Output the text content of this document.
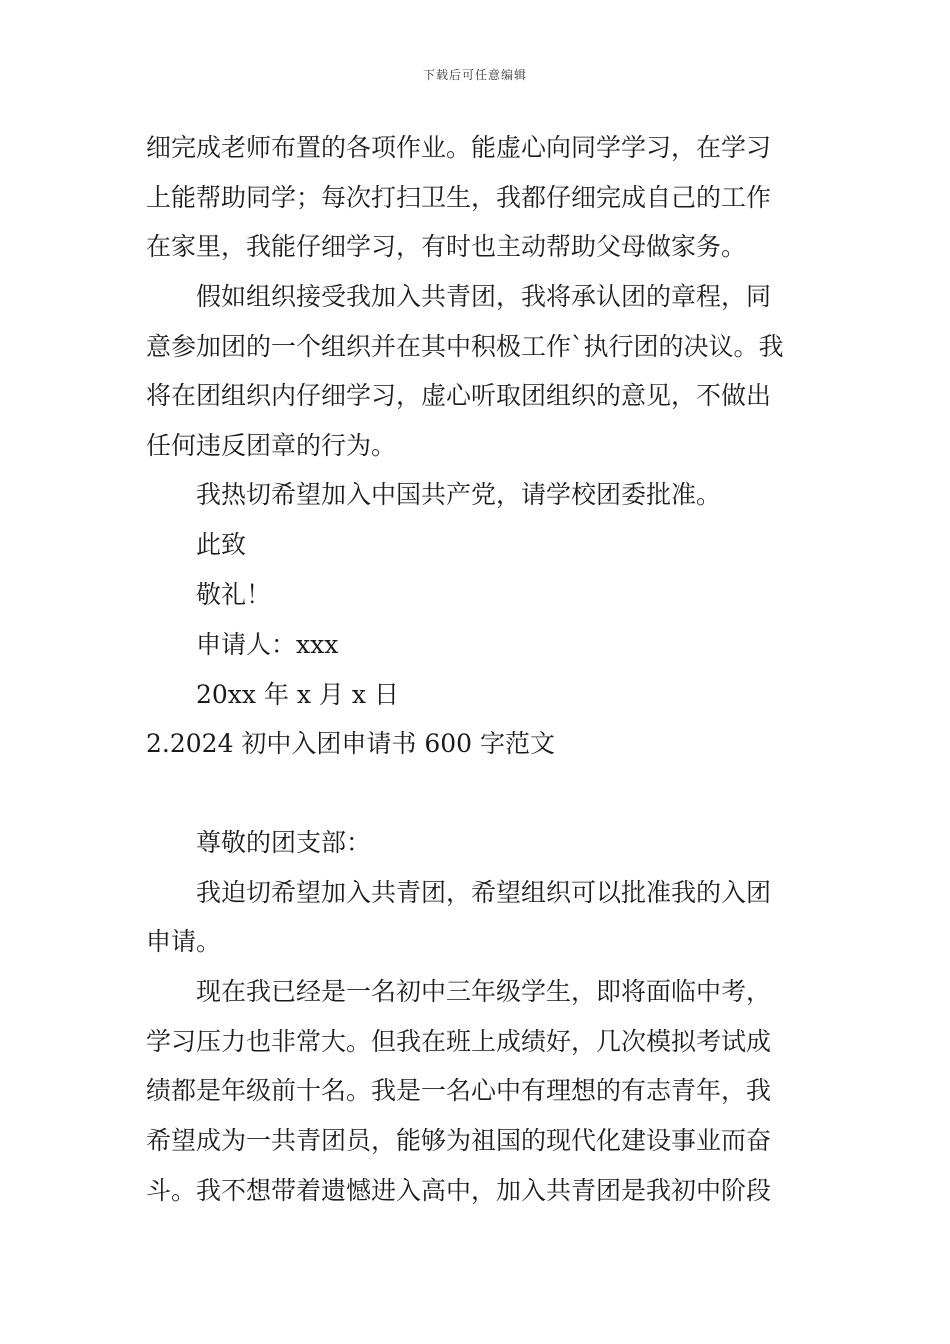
下载后可任意编辑
细完成老师布置的各项作业。能虚心向同学学习，在学习
上能帮助同学；每次打扫卫生，我都仔细完成自己的工作
在家里，我能仔细学习，有时也主动帮助父母做家务。
假如组织接受我加入共青团，我将承认团的章程，同
意参加团的一个组织并在其中积极工作`执行团的决议。我
将在团组织内仔细学习，虚心听取团组织的意见，不做出
任何违反团章的行为。
我热切希望加入中国共产党，请学校团委批准。
此致
敬礼！
申请人：xxx
20xx 年 x 月 x 日
2.2024 初中入团申请书 600 字范文
尊敬的团支部：
我迫切希望加入共青团，希望组织可以批准我的入团
申请。
现在我已经是一名初中三年级学生，即将面临中考，
学习压力也非常大。但我在班上成绩好，几次模拟考试成
绩都是年级前十名。我是一名心中有理想的有志青年，我
希望成为一共青团员，能够为祖国的现代化建设事业而奋
斗。我不想带着遗憾进入高中，加入共青团是我初中阶段
